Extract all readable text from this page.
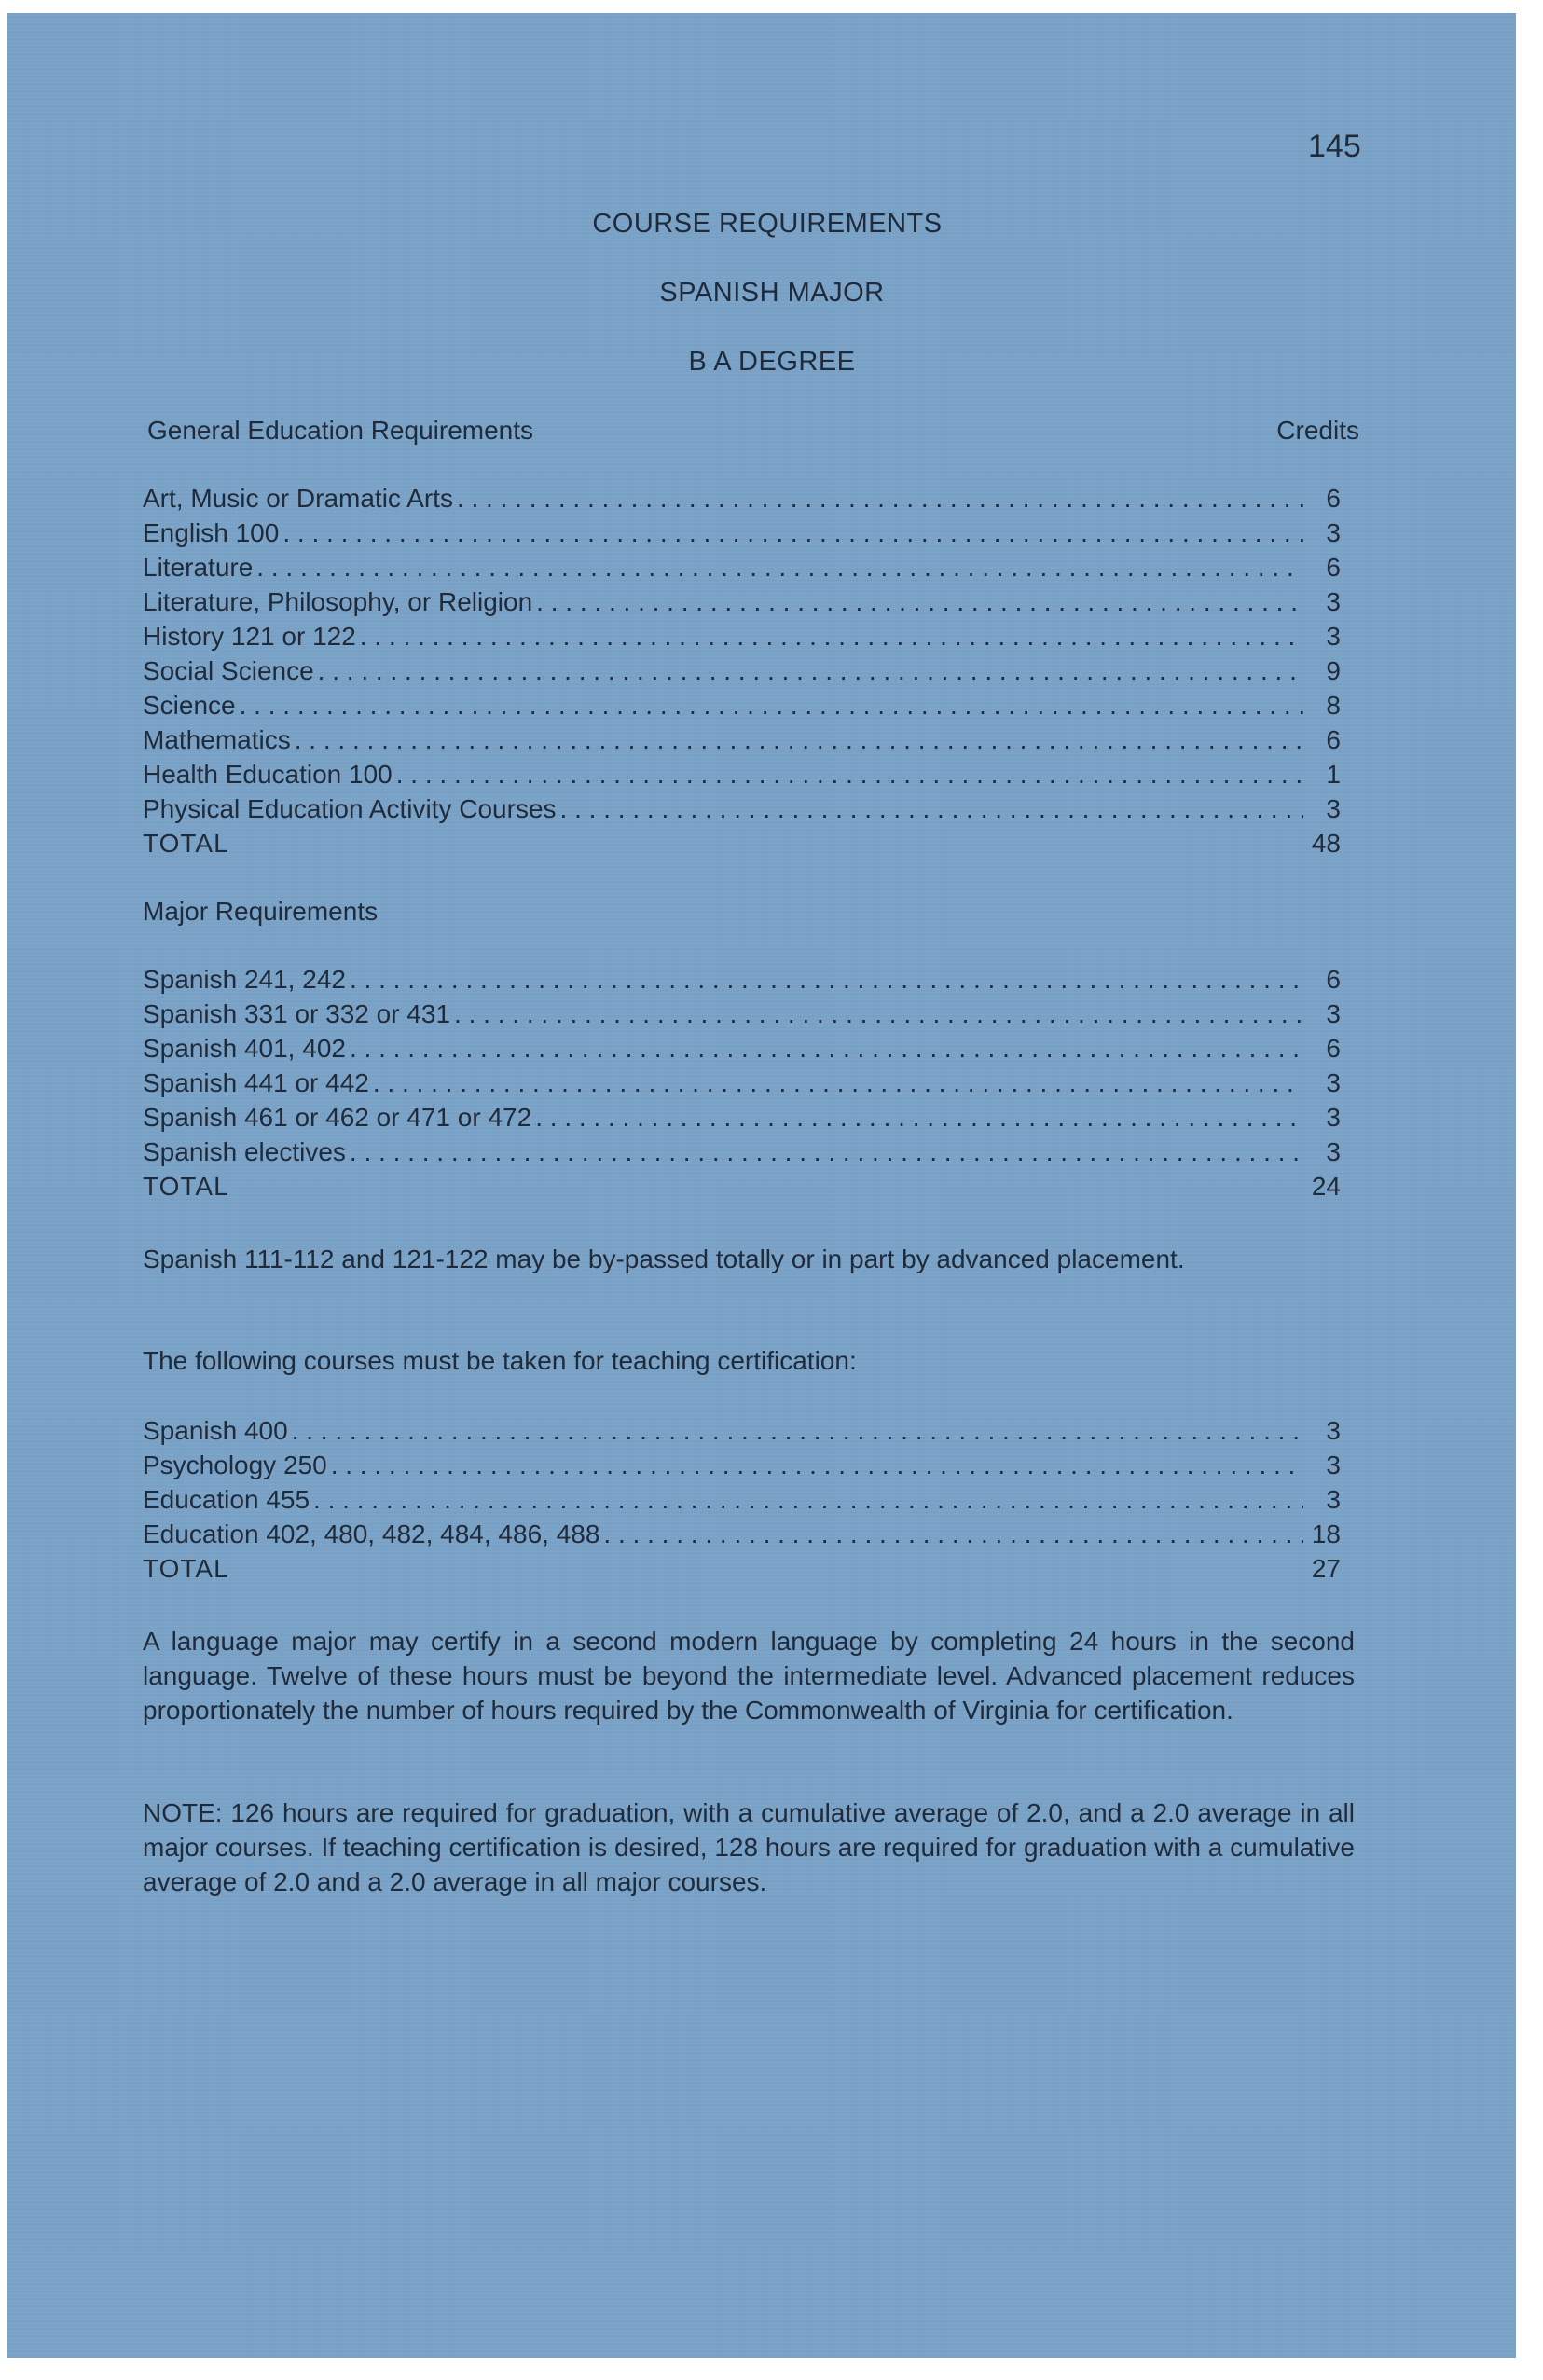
145
COURSE REQUIREMENTS
SPANISH MAJOR
B A DEGREE
General Education Requirements	Credits
Art, Music or Dramatic Arts . . .	6
English 100 . . .	3
Literature . . .	6
Literature, Philosophy, or Religion . . .	3
History 121 or 122 . . .	3
Social Science . . .	9
Science . . .	8
Mathematics . . .	6
Health Education 100 . . .	1
Physical Education Activity Courses . . .	3
TOTAL	48
Major Requirements
Spanish 241, 242 . . .	6
Spanish 331 or 332 or 431 . . .	3
Spanish 401, 402 . . .	6
Spanish 441 or 442 . . .	3
Spanish 461 or 462 or 471 or 472 . . .	3
Spanish electives . . .	3
TOTAL	24
Spanish 111-112 and 121-122 may be by-passed totally or in part by advanced placement.
The following courses must be taken for teaching certification:
Spanish 400 . . .	3
Psychology 250 . . .	3
Education 455 . . .	3
Education 402, 480, 482, 484, 486, 488 . . .	18
TOTAL	27
A language major may certify in a second modern language by completing 24 hours in the second language. Twelve of these hours must be beyond the intermediate level. Advanced placement reduces proportionately the number of hours required by the Commonwealth of Virginia for certification.
NOTE: 126 hours are required for graduation, with a cumulative average of 2.0, and a 2.0 average in all major courses. If teaching certification is desired, 128 hours are required for graduation with a cumulative average of 2.0 and a 2.0 average in all major courses.
